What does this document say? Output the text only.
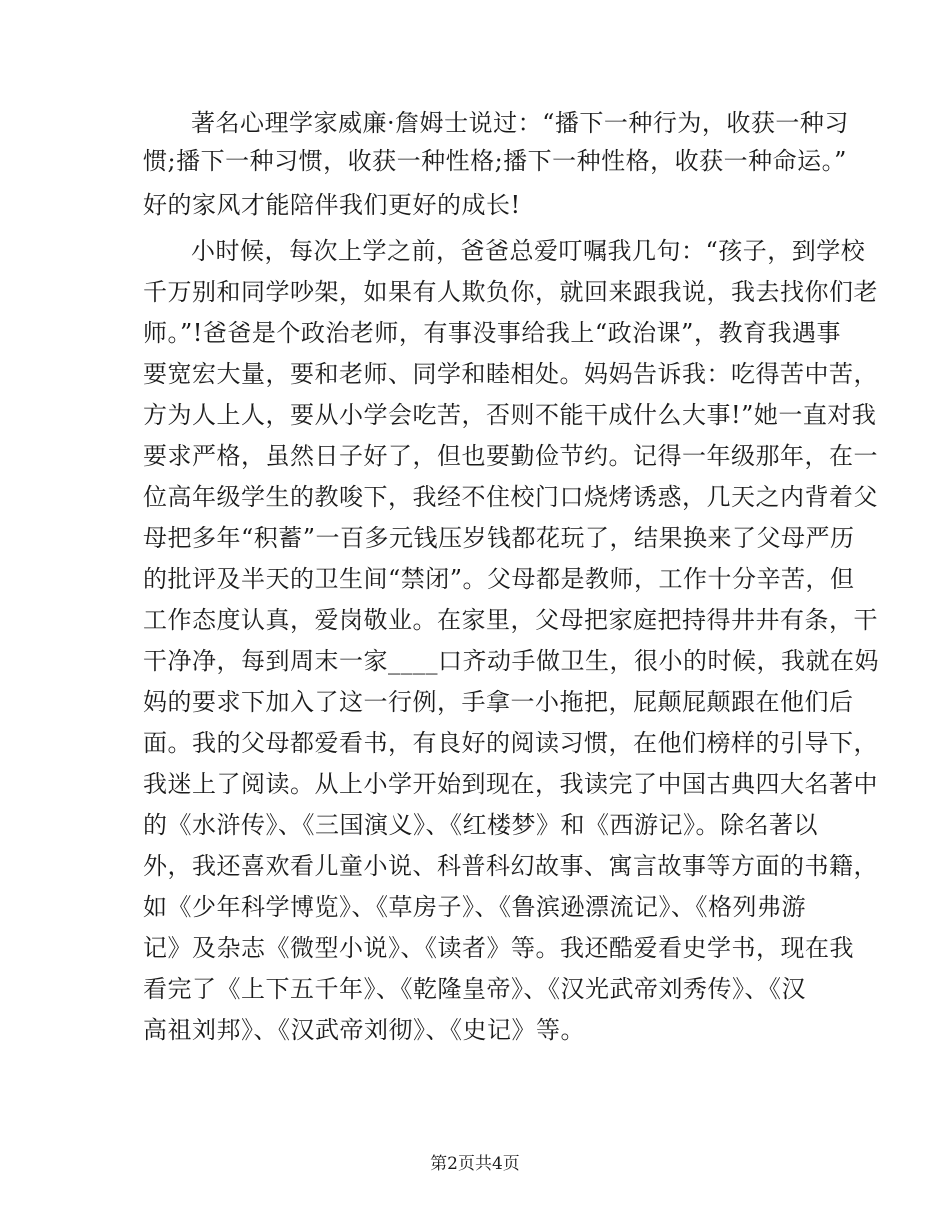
著名心理学家威廉·詹姆士说过：“播下一种行为，收获一种习
惯;播下一种习惯，收获一种性格;播下一种性格，收获一种命运。”
好的家风才能陪伴我们更好的成长!
小时候，每次上学之前，爸爸总爱叮嘱我几句：“孩子，到学校
千万别和同学吵架，如果有人欺负你，就回来跟我说，我去找你们老
师。”!爸爸是个政治老师，有事没事给我上“政治课”，教育我遇事
要宽宏大量，要和老师、同学和睦相处。妈妈告诉我：吃得苦中苦，
方为人上人，要从小学会吃苦，否则不能干成什么大事!”她一直对我
要求严格，虽然日子好了，但也要勤俭节约。记得一年级那年，在一
位高年级学生的教唆下，我经不住校门口烧烤诱惑，几天之内背着父
母把多年“积蓄”一百多元钱压岁钱都花玩了，结果换来了父母严历
的批评及半天的卫生间“禁闭”。父母都是教师，工作十分辛苦，但
工作态度认真，爱岗敬业。在家里，父母把家庭把持得井井有条，干
干净净，每到周末一家____口齐动手做卫生，很小的时候，我就在妈
妈的要求下加入了这一行例，手拿一小拖把，屁颠屁颠跟在他们后
面。我的父母都爱看书，有良好的阅读习惯，在他们榜样的引导下，
我迷上了阅读。从上小学开始到现在，我读完了中国古典四大名著中
的《水浒传》、《三国演义》、《红楼梦》和《西游记》。除名著以
外，我还喜欢看儿童小说、科普科幻故事、寓言故事等方面的书籍，
如《少年科学博览》、《草房子》、《鲁滨逊漂流记》、《格列弗游
记》及杂志《微型小说》、《读者》等。我还酷爱看史学书，现在我
看完了《上下五千年》、《乾隆皇帝》、《汉光武帝刘秀传》、《汉
高祖刘邦》、《汉武帝刘彻》、《史记》等。
第2页共4页
